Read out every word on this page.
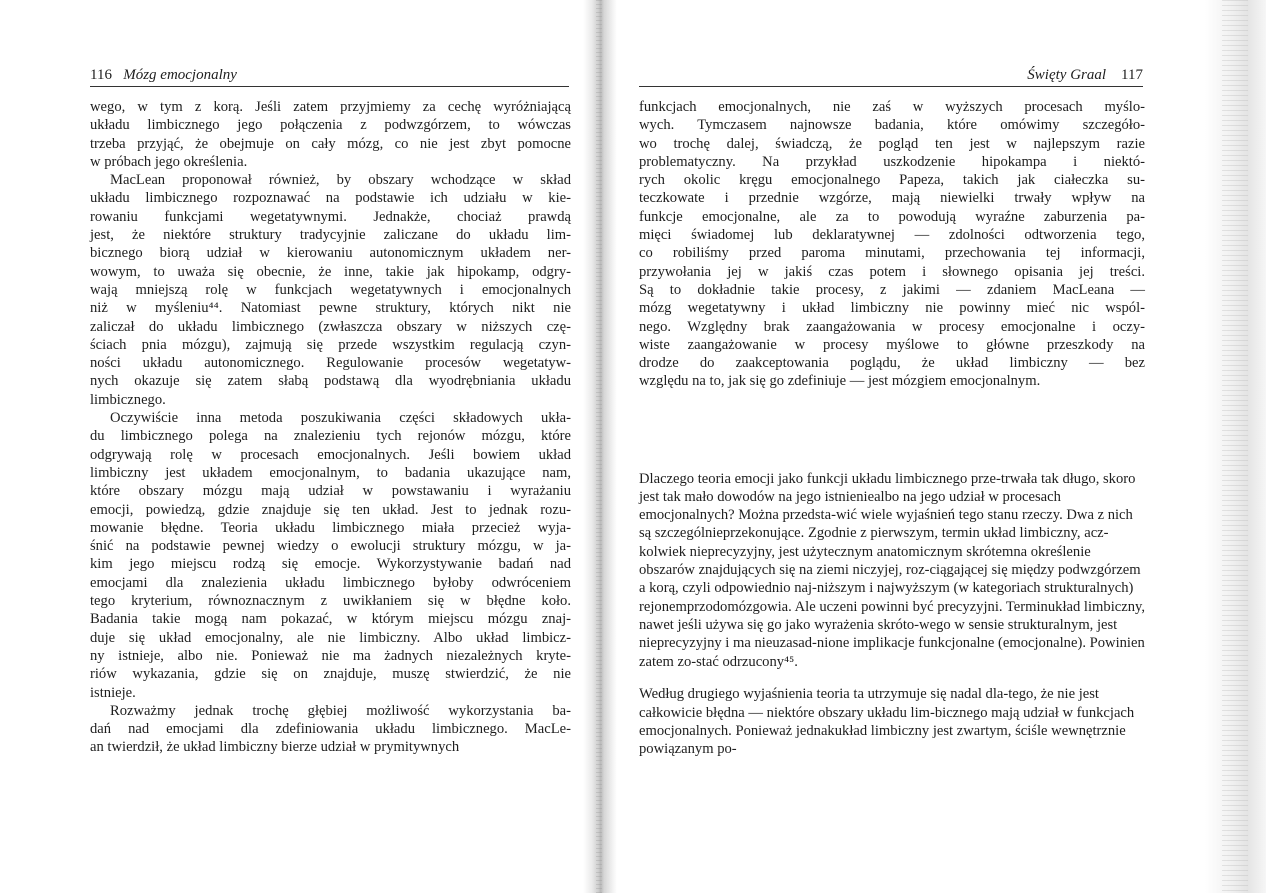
116 Mózg emocjonalny

wego, w tym z korą. Jeśli zatem przyjmiemy za cechę wyróżniającą
układu limbicznego jego połączenia z podwzgórzem, to wówczas
trzeba przyjąć, że obejmuje on cały mózg, co nie jest zbyt pomocne
w próbach jego określenia.

MacLean proponował również, by obszary wchodzące w skład
układu limbicznego rozpoznawać na podstawie ich udziału w kie-
rowaniu funkcjami wegetatywnymi. Jednakże, chociaż prawdą
jest, że niektóre struktury tradycyjnie zaliczane do układu lim-
bicznego biorą udział w kierowaniu autonomicznym układem ner-
wowym, to uważa się obecnie, że inne, takie jak hipokamp, odgry-
wają mniejszą rolę w funkcjach wegetatywnych i emocjonalnych
niż w myśleniu⁴⁴. Natomiast pewne struktury, których nikt nie
zaliczał do układu limbicznego (zwłaszcza obszary w niższych czę-
ściach pnia mózgu), zajmują się przede wszystkim regulacją czyn-
ności układu autonomicznego. Regulowanie procesów wegetatyw-
nych okazuje się zatem słabą podstawą dla wyodrębniania układu
limbicznego.

Oczywiście inna metoda poszukiwania części składowych ukła-
du limbicznego polega na znalezieniu tych rejonów mózgu, które
odgrywają rolę w procesach emocjonalnych. Jeśli bowiem układ
limbiczny jest układem emocjonalnym, to badania ukazujące nam,
które obszary mózgu mają udział w powstawaniu i wyrażaniu
emocji, powiedzą, gdzie znajduje się ten układ. Jest to jednak rozu-
mowanie błędne. Teoria układu limbicznego miała przecież wyja-
śnić na podstawie pewnej wiedzy o ewolucji struktury mózgu, w ja-
kim jego miejscu rodzą się emocje. Wykorzystywanie badań nad
emocjami dla znalezienia układu limbicznego byłoby odwróceniem
tego kryterium, równoznacznym z uwikłaniem się w błędne koło.
Badania takie mogą nam pokazać, w którym miejscu mózgu znaj-
duje się układ emocjonalny, ale nie limbiczny. Albo układ limbicz-
ny istnieje, albo nie. Ponieważ nie ma żadnych niezależnych kryte-
riów wykazania, gdzie się on znajduje, muszę stwierdzić, że nie
istnieje.

Rozważmy jednak trochę głębiej możliwość wykorzystania ba-
dań nad emocjami dla zdefiniowania układu limbicznego. MacLe-
an twierdził, że układ limbiczny bierze udział w prymitywnych

Święty Graal 117

funkcjach emocjonalnych, nie zaś w wyższych procesach myślo-
wych. Tymczasem najnowsze badania, które omówimy szczegóło-
wo trochę dalej, świadczą, że pogląd ten jest w najlepszym razie
problematyczny. Na przykład uszkodzenie hipokampa i niektó-
rych okolic kręgu emocjonalnego Papeza, takich jak ciałeczka su-
teczkowate i przednie wzgórze, mają niewielki trwały wpływ na
funkcje emocjonalne, ale za to powodują wyraźne zaburzenia pa-
mięci świadomej lub deklaratywnej — zdolności odtworzenia tego,
co robiliśmy przed paroma minutami, przechowania tej informacji,
przywołania jej w jakiś czas potem i słownego opisania jej treści.
Są to dokładnie takie procesy, z jakimi — zdaniem MacLeana —
mózg wegetatywny i układ limbiczny nie powinny mieć nic wspól-
nego. Względny brak zaangażowania w procesy emocjonalne i oczy-
wiste zaangażowanie w procesy myślowe to główne przeszkody na
drodze do zaakceptowania poglądu, że układ limbiczny — bez
względu na to, jak się go zdefiniuje — jest mózgiem emocjonalnym.

Dlaczego teoria emocji jako funkcji układu limbicznego prze-trwała tak długo, skoro jest tak mało dowodów na jego istnieniealbo na jego udział w procesach emocjonalnych? Można przedsta-wić wiele wyjaśnień tego stanu rzeczy. Dwa z nich są szczególnieprzekonujące. Zgodnie z pierwszym, termin układ limbiczny, acz-kolwiek nieprecyzyjny, jest użytecznym anatomicznym skrótemna określenie obszarów znajdujących się na ziemi niczyjej, roz-ciągającej się między podwzgórzem a korą, czyli odpowiednio naj-niższym i najwyższym (w kategoriach strukturalnych) rejonemprzodomózgowia. Ale uczeni powinni być precyzyjni. Terminukład limbiczny, nawet jeśli używa się go jako wyrażenia skróto-wego w sensie strukturalnym, jest nieprecyzyjny i ma nieuzasad-nione implikacje funkcjonalne (emocjonalne). Powinien zatem zo-stać odrzucony⁴⁵.

Według drugiego wyjaśnienia teoria ta utrzymuje się nadal dla-tego, że nie jest całkowicie błędna — niektóre obszary układu lim-bicznego mają udział w funkcjach emocjonalnych. Ponieważ jednakukład limbiczny jest zwartym, ściśle wewnętrznie powiązanym po-
